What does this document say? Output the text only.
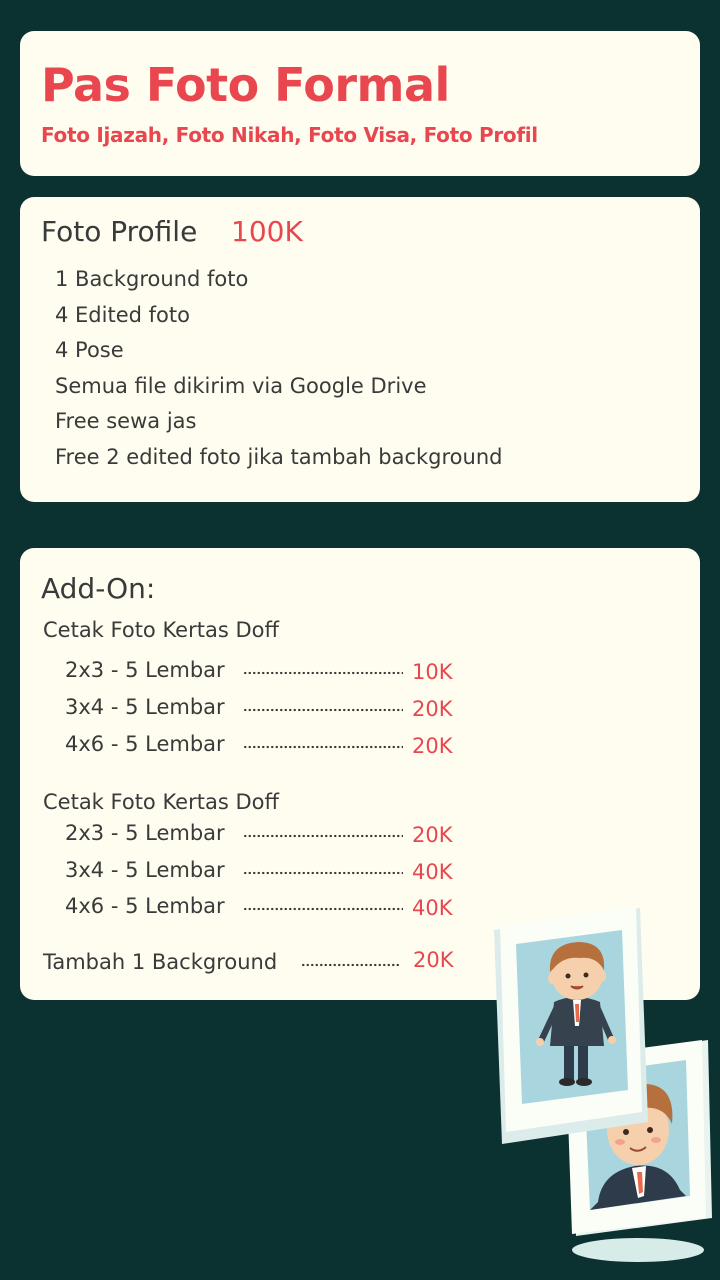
Pas Foto Formal
Foto Ijazah, Foto Nikah, Foto Visa, Foto Profil
Foto Profile 100K
1 Background foto
4 Edited foto
4 Pose
Semua file dikirim via Google Drive
Free sewa jas
Free 2 edited foto jika tambah background
Add-On:
Cetak Foto Kertas Doff
2x3 - 5 Lembar	10K
3x4 - 5 Lembar	20K
4x6 - 5 Lembar	20K
Cetak Foto Kertas Doff
2x3 - 5 Lembar	20K
3x4 - 5 Lembar	40K
4x6 - 5 Lembar	40K
Tambah 1 Background	20K
